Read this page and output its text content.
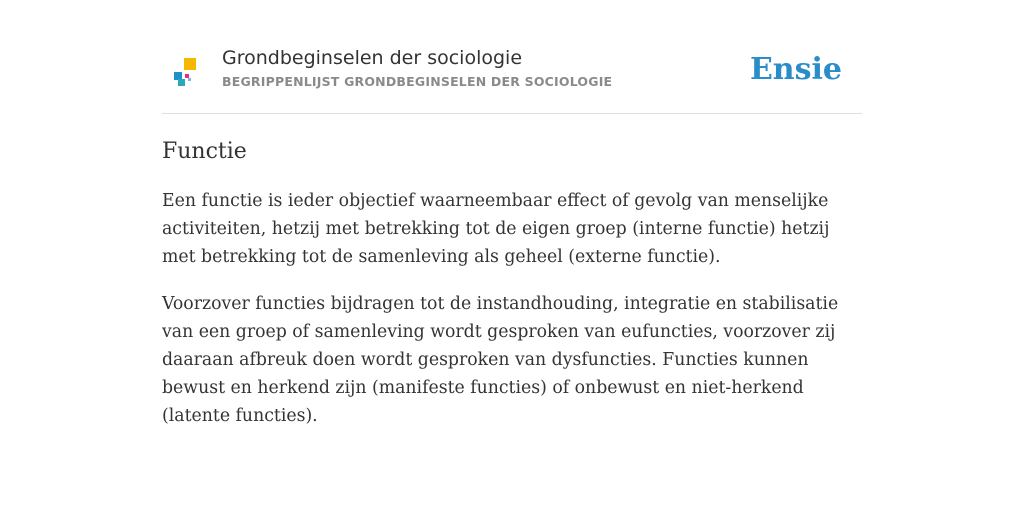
Grondbeginselen der sociologie
BEGRIPPENLIJST GRONDBEGINSELEN DER SOCIOLOGIE	Ensie
Functie

Een functie is ieder objectief waarneembaar effect of gevolg van menselijke activiteiten, hetzij met betrekking tot de eigen groep (interne functie) hetzij met betrekking tot de samenleving als geheel (externe functie).

Voorzover functies bijdragen tot de instandhouding, integratie en stabilisatie van een groep of samenleving wordt gesproken van eufuncties, voorzover zij daaraan afbreuk doen wordt gesproken van dysfuncties. Functies kunnen bewust en herkend zijn (manifeste functies) of onbewust en niet-herkend (latente functies).
